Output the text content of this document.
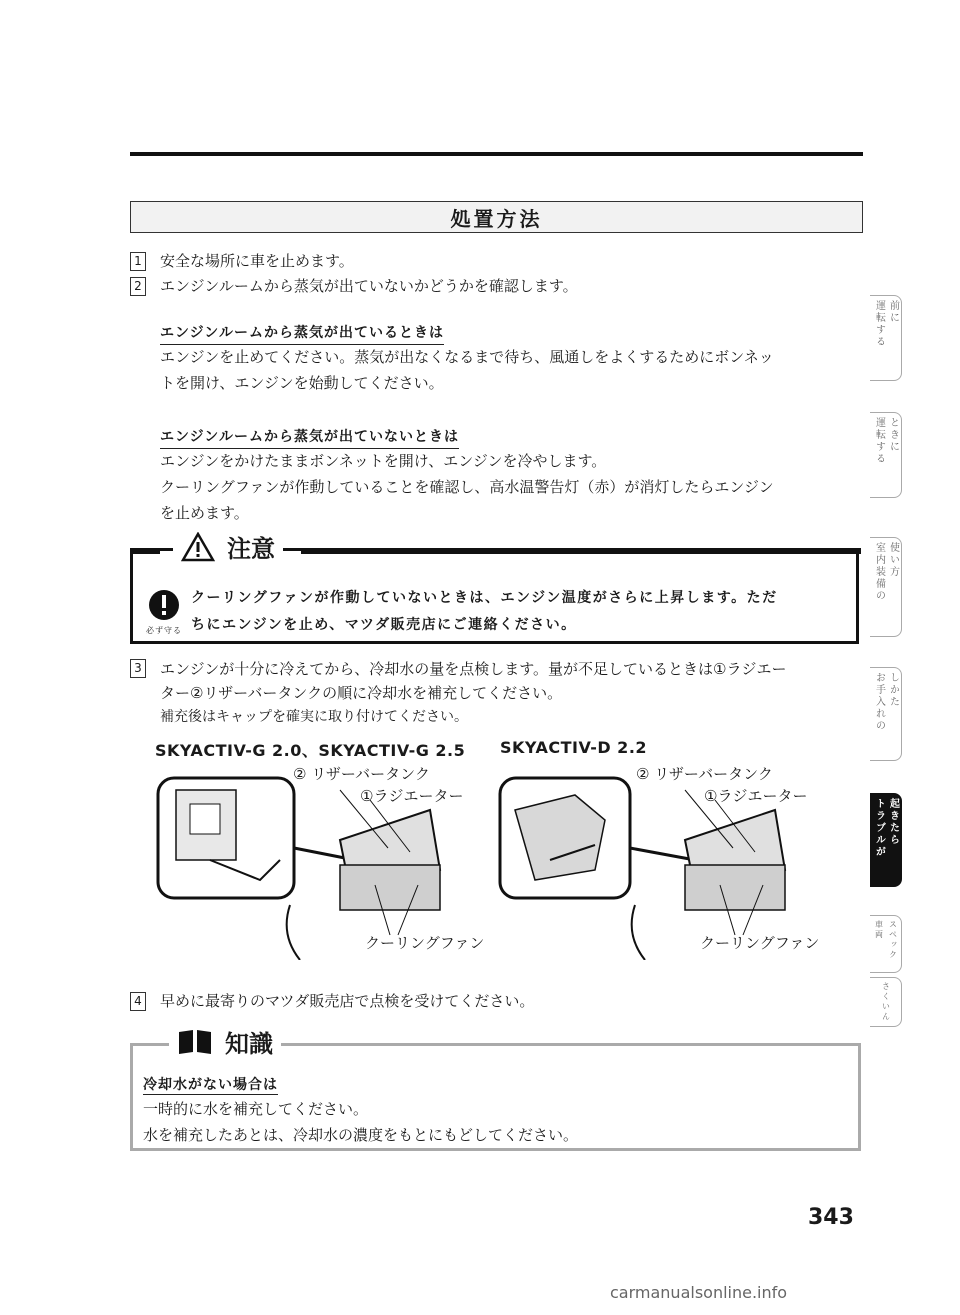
処置方法
1 安全な場所に車を止めます。
2 エンジンルームから蒸気が出ていないかどうかを確認します。
エンジンルームから蒸気が出ているときは
エンジンを止めてください。蒸気が出なくなるまで待ち、風通しをよくするためにボンネッ
トを開け、エンジンを始動してください。
エンジンルームから蒸気が出ていないときは
エンジンをかけたままボンネットを開け、エンジンを冷やします。
クーリングファンが作動していることを確認し、高水温警告灯（赤）が消灯したらエンジン
を止めます。
注意
必ず守る
クーリングファンが作動していないときは、エンジン温度がさらに上昇します。ただ
ちにエンジンを止め、マツダ販売店にご連絡ください。
3 エンジンが十分に冷えてから、冷却水の量を点検します。量が不足しているときは①ラジエー
ター②リザーバータンクの順に冷却水を補充してください。
補充後はキャップを確実に取り付けてください。
SKYACTIV-G 2.0、SKYACTIV-G 2.5 SKYACTIV-D 2.2
② リザーバータンク
①ラジエーター
クーリングファン
② リザーバータンク
①ラジエーター
クーリングファン
4 早めに最寄りのマツダ販売店で点検を受けてください。
知識
冷却水がない場合は
一時的に水を補充してください。
水を補充したあとは、冷却水の濃度をもとにもどしてください。
343
運転する 前に
運転する ときに
室内装備の 使い方
お手入れの しかた
トラブルが 起きたら
車両 スペック
さくいん
carmanualsonline.info
